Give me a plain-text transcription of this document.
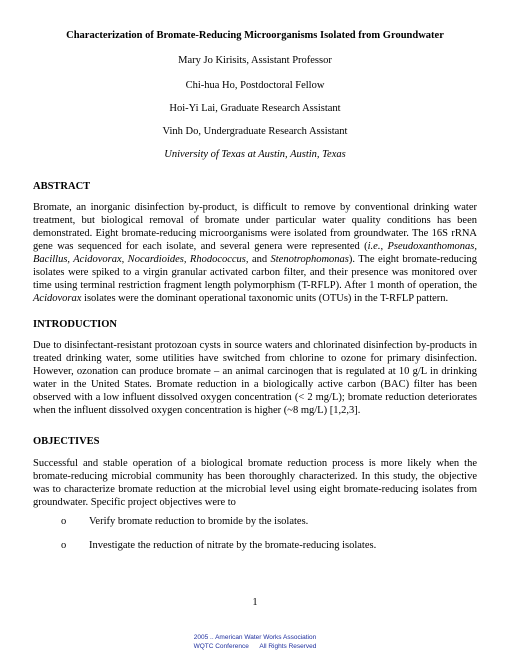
Characterization of Bromate-Reducing Microorganisms Isolated from Groundwater
Mary Jo Kirisits, Assistant Professor
Chi-hua Ho, Postdoctoral Fellow
Hoi-Yi Lai, Graduate Research Assistant
Vinh Do, Undergraduate Research Assistant
University of Texas at Austin, Austin, Texas
ABSTRACT
Bromate, an inorganic disinfection by-product, is difficult to remove by conventional drinking water treatment, but biological removal of bromate under particular water quality conditions has been demonstrated. Eight bromate-reducing microorganisms were isolated from groundwater. The 16S rRNA gene was sequenced for each isolate, and several genera were represented (i.e., Pseudoxanthomonas, Bacillus, Acidovorax, Nocardioides, Rhodococcus, and Stenotrophomonas). The eight bromate-reducing isolates were spiked to a virgin granular activated carbon filter, and their presence was monitored over time using terminal restriction fragment length polymorphism (T-RFLP). After 1 month of operation, the Acidovorax isolates were the dominant operational taxonomic units (OTUs) in the T-RFLP pattern.
INTRODUCTION
Due to disinfectant-resistant protozoan cysts in source waters and chlorinated disinfection by-products in treated drinking water, some utilities have switched from chlorine to ozone for primary disinfection. However, ozonation can produce bromate – an animal carcinogen that is regulated at 10 g/L in drinking water in the United States. Bromate reduction in a biologically active carbon (BAC) filter has been observed with a low influent dissolved oxygen concentration (< 2 mg/L); bromate reduction deteriorates when the influent dissolved oxygen concentration is higher (~8 mg/L) [1,2,3].
OBJECTIVES
Successful and stable operation of a biological bromate reduction process is more likely when the bromate-reducing microbial community has been thoroughly characterized. In this study, the objective was to characterize bromate reduction at the microbial level using eight bromate-reducing isolates from groundwater. Specific project objectives were to
o Verify bromate reduction to bromide by the isolates.
o Investigate the reduction of nitrate by the bromate-reducing isolates.
1
2005 .. American Water Works Association
WQTC Conference      All Rights Reserved
